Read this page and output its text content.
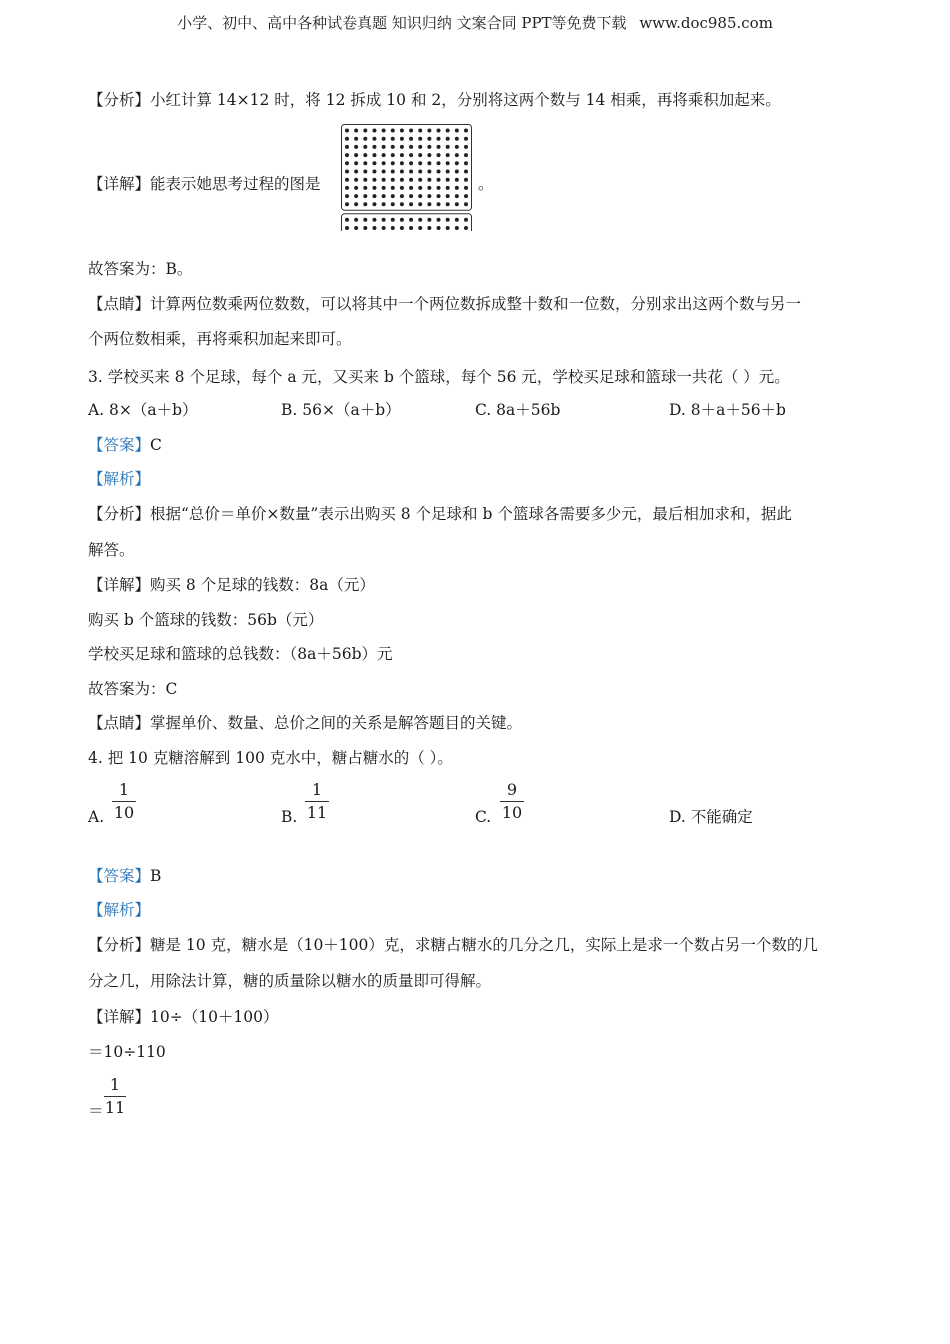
小学、初中、高中各种试卷真题 知识归纳 文案合同 PPT等免费下载 www.doc985.com
【分析】小红计算 14×12 时，将 12 拆成 10 和 2，分别将这两个数与 14 相乘，再将乘积加起来。
【详解】能表示她思考过程的图是	。
故答案为：B。
【点睛】计算两位数乘两位数数，可以将其中一个两位数拆成整十数和一位数，分别求出这两个数与另一
个两位数相乘，再将乘积加起来即可。
3. 学校买来 8 个足球，每个 a 元，又买来 b 个篮球，每个 56 元，学校买足球和篮球一共花（ ）元。
A. 8×（a＋b）	B. 56×（a＋b）	C. 8a＋56b	D. 8＋a＋56＋b
【答案】C
【解析】
【分析】根据“总价＝单价×数量”表示出购买 8 个足球和 b 个篮球各需要多少元，最后相加求和，据此
解答。
【详解】购买 8 个足球的钱数：8a（元）
购买 b 个篮球的钱数：56b（元）
学校买足球和篮球的总钱数：（8a＋56b）元
故答案为：C
【点睛】掌握单价、数量、总价之间的关系是解答题目的关键。
4. 把 10 克糖溶解到 100 克水中，糖占糖水的（ ）。
A.
1
10	B.
1
11	C.
9
10	D. 不能确定
【答案】B
【解析】
【分析】糖是 10 克，糖水是（10＋100）克，求糖占糖水的几分之几，实际上是求一个数占另一个数的几
分之几，用除法计算，糖的质量除以糖水的质量即可得解。
【详解】10÷（10＋100）
＝10÷110
＝
1
11
